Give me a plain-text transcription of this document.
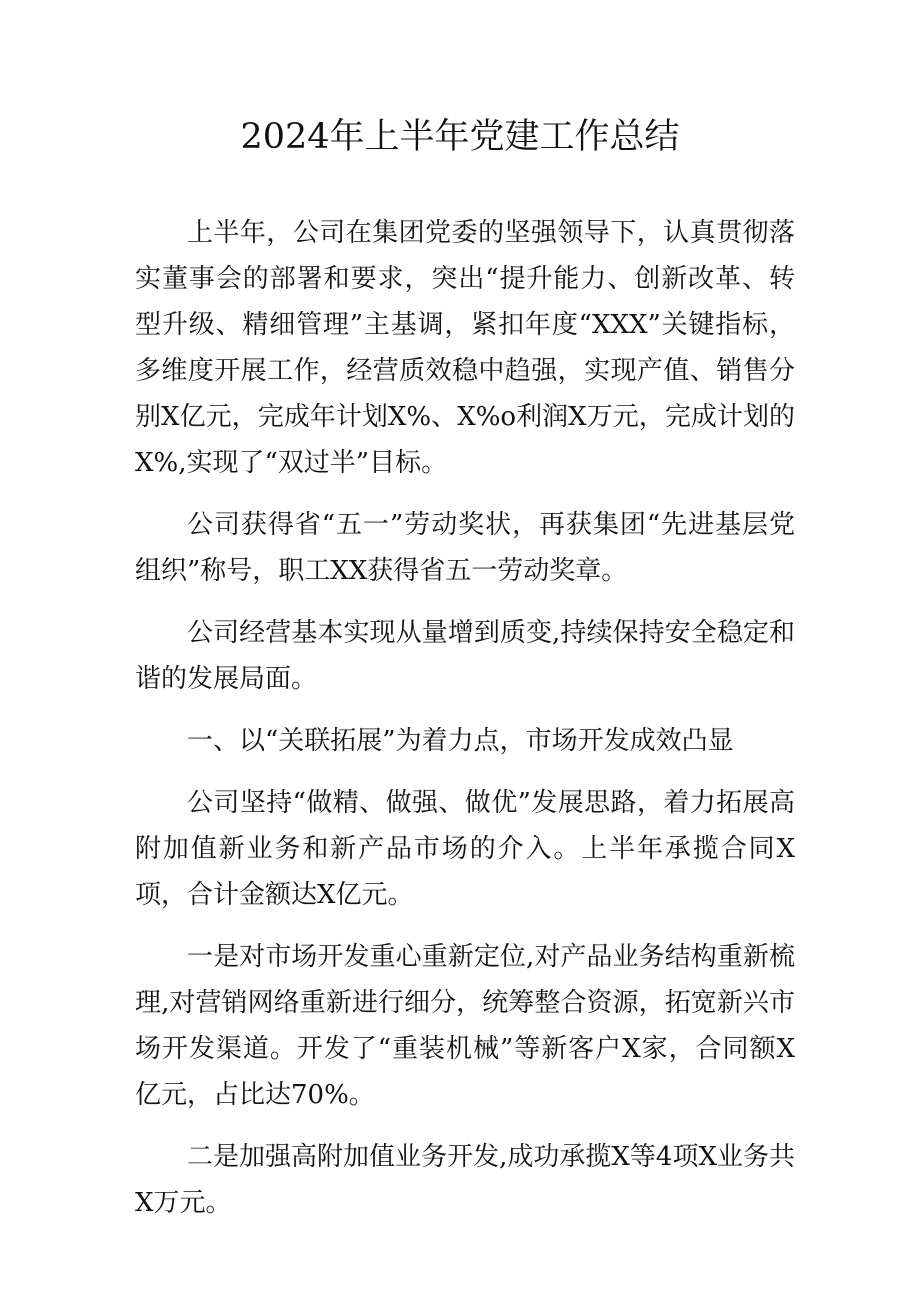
2024年上半年党建工作总结

上半年，公司在集团党委的坚强领导下，认真贯彻落实董事会的部署和要求，突出“提升能力、创新改革、转型升级、精细管理”主基调，紧扣年度“XXX”关键指标，多维度开展工作，经营质效稳中趋强，实现产值、销售分别X亿元，完成年计划X%、X%o利润X万元，完成计划的X%,实现了“双过半”目标。

公司获得省“五一”劳动奖状，再获集团“先进基层党组织”称号，职工XX获得省五一劳动奖章。

公司经营基本实现从量增到质变,持续保持安全稳定和谐的发展局面。

一、以“关联拓展”为着力点，市场开发成效凸显

公司坚持“做精、做强、做优”发展思路，着力拓展高附加值新业务和新产品市场的介入。上半年承揽合同X项，合计金额达X亿元。

一是对市场开发重心重新定位,对产品业务结构重新梳理,对营销网络重新进行细分，统筹整合资源，拓宽新兴市场开发渠道。开发了“重装机械”等新客户X家，合同额X亿元，占比达70%。

二是加强高附加值业务开发,成功承揽X等4项X业务共X万元。
